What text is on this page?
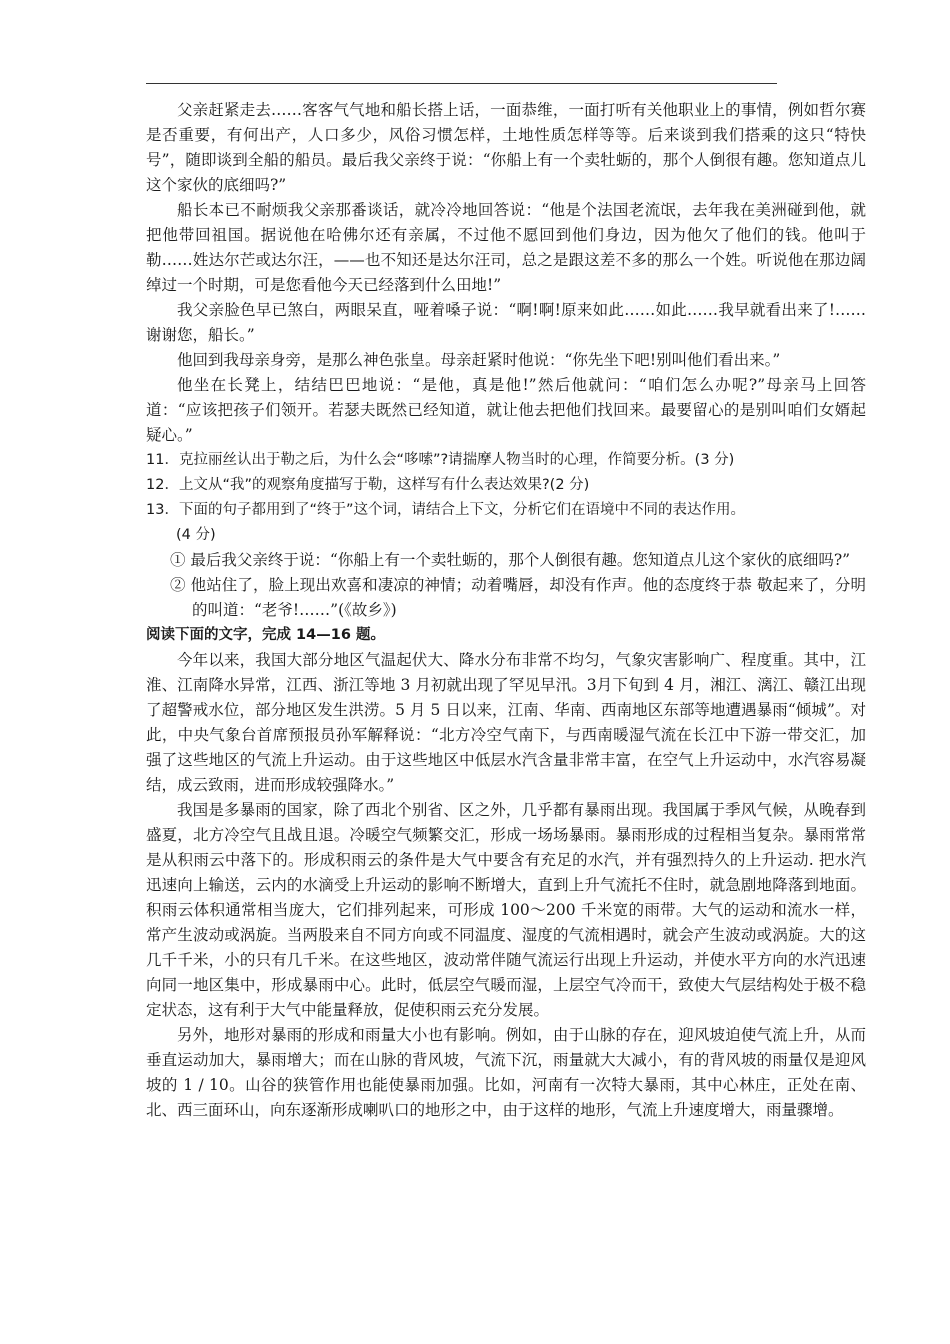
父亲赶紧走去……客客气气地和船长搭上话，一面恭维，一面打听有关他职业上的事情，例如哲尔赛是否重要，有何出产，人口多少，风俗习惯怎样，土地性质怎样等等。后来谈到我们搭乘的这只“特快号”，随即谈到全船的船员。最后我父亲终于说：“你船上有一个卖牡蛎的，那个人倒很有趣。您知道点儿这个家伙的底细吗?”

船长本已不耐烦我父亲那番谈话，就冷冷地回答说：“他是个法国老流氓，去年我在美洲碰到他，就把他带回祖国。据说他在哈佛尔还有亲属，不过他不愿回到他们身边，因为他欠了他们的钱。他叫于勒……姓达尔芒或达尔汪，——也不知还是达尔汪司，总之是跟这差不多的那么一个姓。听说他在那边阔绰过一个时期，可是您看他今天已经落到什么田地!”

我父亲脸色早已煞白，两眼呆直，哑着嗓子说：“啊!啊!原来如此……如此……我早就看出来了!……谢谢您，船长。”

他回到我母亲身旁，是那么神色张皇。母亲赶紧时他说：“你先坐下吧!别叫他们看出来。”

他坐在长凳上，结结巴巴地说：“是他，真是他!”然后他就问：“咱们怎么办呢?”母亲马上回答道：“应该把孩子们领开。若瑟夫既然已经知道，就让他去把他们找回来。最要留心的是别叫咱们女婿起疑心。”

11．克拉丽丝认出于勒之后，为什么会“哆嗦”?请揣摩人物当时的心理，作简要分析。(3 分)

12．上文从“我”的观察角度描写于勒，这样写有什么表达效果?(2 分)

13．下面的句子都用到了“终于”这个词，请结合上下文，分析它们在语境中不同的表达作用。

(4 分)

① 最后我父亲终于说：“你船上有一个卖牡蛎的，那个人倒很有趣。您知道点儿这个家伙的底细吗?”

② 他站住了，脸上现出欢喜和凄凉的神情；动着嘴唇，却没有作声。他的态度终于恭 敬起来了，分明的叫道：“老爷!……”(《故乡》)

阅读下面的文字，完成 14—16 题。

今年以来，我国大部分地区气温起伏大、降水分布非常不均匀，气象灾害影响广、程度重。其中，江淮、江南降水异常，江西、浙江等地 3 月初就出现了罕见早汛。3月下旬到 4 月，湘江、漓江、赣江出现了超警戒水位，部分地区发生洪涝。5 月 5 日以来，江南、华南、西南地区东部等地遭遇暴雨“倾城”。对此，中央气象台首席预报员孙军解释说：“北方冷空气南下，与西南暖湿气流在长江中下游一带交汇，加强了这些地区的气流上升运动。由于这些地区中低层水汽含量非常丰富，在空气上升运动中，水汽容易凝结，成云致雨，进而形成较强降水。”

我国是多暴雨的国家，除了西北个别省、区之外，几乎都有暴雨出现。我国属于季风气候，从晚春到盛夏，北方冷空气且战且退。冷暖空气频繁交汇，形成一场场暴雨。暴雨形成的过程相当复杂。暴雨常常是从积雨云中落下的。形成积雨云的条件是大气中要含有充足的水汽，并有强烈持久的上升运动. 把水汽迅速向上输送，云内的水滴受上升运动的影响不断增大，直到上升气流托不住时，就急剧地降落到地面。积雨云体积通常相当庞大，它们排列起来，可形成 100～200 千米宽的雨带。大气的运动和流水一样，常产生波动或涡旋。当两股来自不同方向或不同温度、湿度的气流相遇时，就会产生波动或涡旋。大的这几千千米，小的只有几千米。在这些地区，波动常伴随气流运行出现上升运动，并使水平方向的水汽迅速向同一地区集中，形成暴雨中心。此时，低层空气暖而湿，上层空气冷而干，致使大气层结构处于极不稳定状态，这有利于大气中能量释放，促使积雨云充分发展。

另外，地形对暴雨的形成和雨量大小也有影响。例如，由于山脉的存在，迎风坡迫使气流上升，从而垂直运动加大，暴雨增大；而在山脉的背风坡，气流下沉，雨量就大大减小，有的背风坡的雨量仅是迎风坡的 1 / 10。山谷的狭管作用也能使暴雨加强。比如，河南有一次特大暴雨，其中心林庄，正处在南、北、西三面环山，向东逐渐形成喇叭口的地形之中，由于这样的地形，气流上升速度增大，雨量骤增。
